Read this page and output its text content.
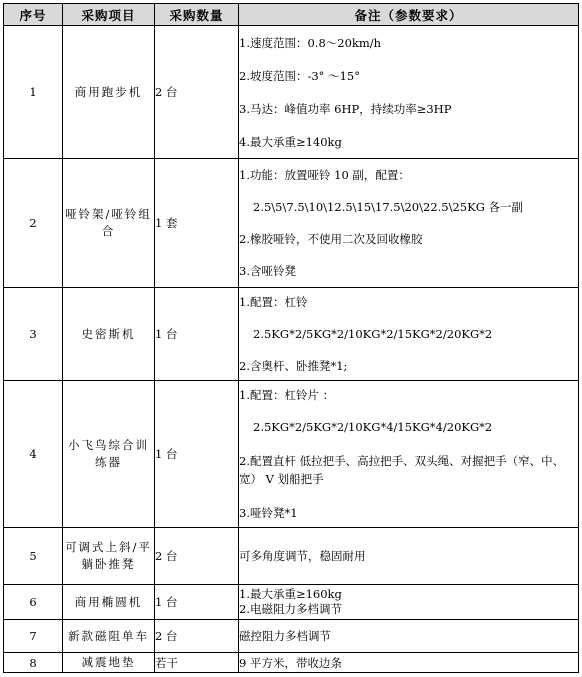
序号	采购项目	采购数量	备注（参数要求）
1	商用跑步机	2 台	1.速度范围：0.8～20km/h
2.坡度范围：-3° ～15°
3.马达：峰值功率 6HP，持续功率≥3HP
4.最大承重≥140kg

2	哑铃架/哑铃组合	1 套	1.功能：放置哑铃 10 副，配置：
2.5\5\7.5\10\12.5\15\17.5\20\22.5\25KG 各一副
2.橡胶哑铃，不使用二次及回收橡胶
3.含哑铃凳

3	史密斯机	1 台	1.配置：杠铃
2.5KG*2/5KG*2/10KG*2/15KG*2/20KG*2
2.含奥杆、卧推凳*1;

4	小飞鸟综合训练器	1 台	1.配置：杠铃片 ：
2.5KG*2/5KG*2/10KG*4/15KG*4/20KG*2
2.配置直杆 低拉把手、高拉把手、双头绳、对握把手（窄、中、宽） V 划船把手
3.哑铃凳*1

5	可调式上斜/平躺卧推凳	2 台	可多角度调节，稳固耐用

6	商用椭圆机	1 台	1.最大承重≥160kg
2.电磁阻力多档调节

7	新款磁阻单车	2 台	磁控阻力多档调节

8	减震地垫	若干	9 平方米，带收边条
